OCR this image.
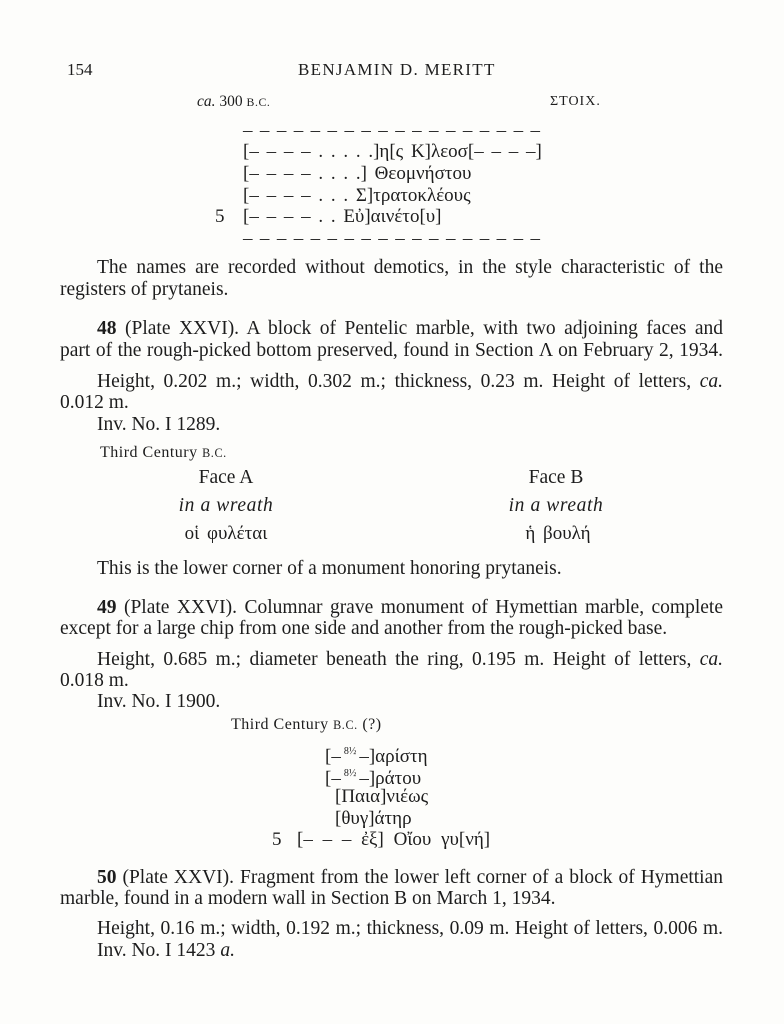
154	BENJAMIN D. MERITT
ca. 300 B.C.	ΣΤΟΙΧ.
– – – – – – – – – – – – – – – – – –
[– – – – . . . . .]η[ς Κ]λεοσ[– – – –]
[– – – – . . . .] Θεομνήστου
[– – – – . . . Σ]τρατοκλέους
5 [– – – – . . Εὐ]αινέτο[υ]
– – – – – – – – – – – – – – – – – –
The names are recorded without demotics, in the style characteristic of the
registers of prytaneis.
48 (Plate XXVI). A block of Pentelic marble, with two adjoining faces and
part of the rough-picked bottom preserved, found in Section Λ on February 2, 1934.
Height, 0.202 m.; width, 0.302 m.; thickness, 0.23 m. Height of letters, ca.
0.012 m.
Inv. No. I 1289.
Third Century B.C.
Face A	Face B
in a wreath	in a wreath
οἱ φυλέται	ἡ βουλή
This is the lower corner of a monument honoring prytaneis.
49 (Plate XXVI). Columnar grave monument of Hymettian marble, complete
except for a large chip from one side and another from the rough-picked base.
Height, 0.685 m.; diameter beneath the ring, 0.195 m. Height of letters, ca.
0.018 m.
Inv. No. I 1900.
Third Century B.C. (?)
[– $^{8\frac{1}{2}}$ –]αρίστη
[– $^{8\frac{1}{2}}$ –]ράτου
[Παια]νιέως
[θυγ]άτηρ
5 [– – – ἐξ] Οἴου γυ[νή]
50 (Plate XXVI). Fragment from the lower left corner of a block of Hymettian
marble, found in a modern wall in Section B on March 1, 1934.
Height, 0.16 m.; width, 0.192 m.; thickness, 0.09 m. Height of letters, 0.006 m.
Inv. No. I 1423 a.
